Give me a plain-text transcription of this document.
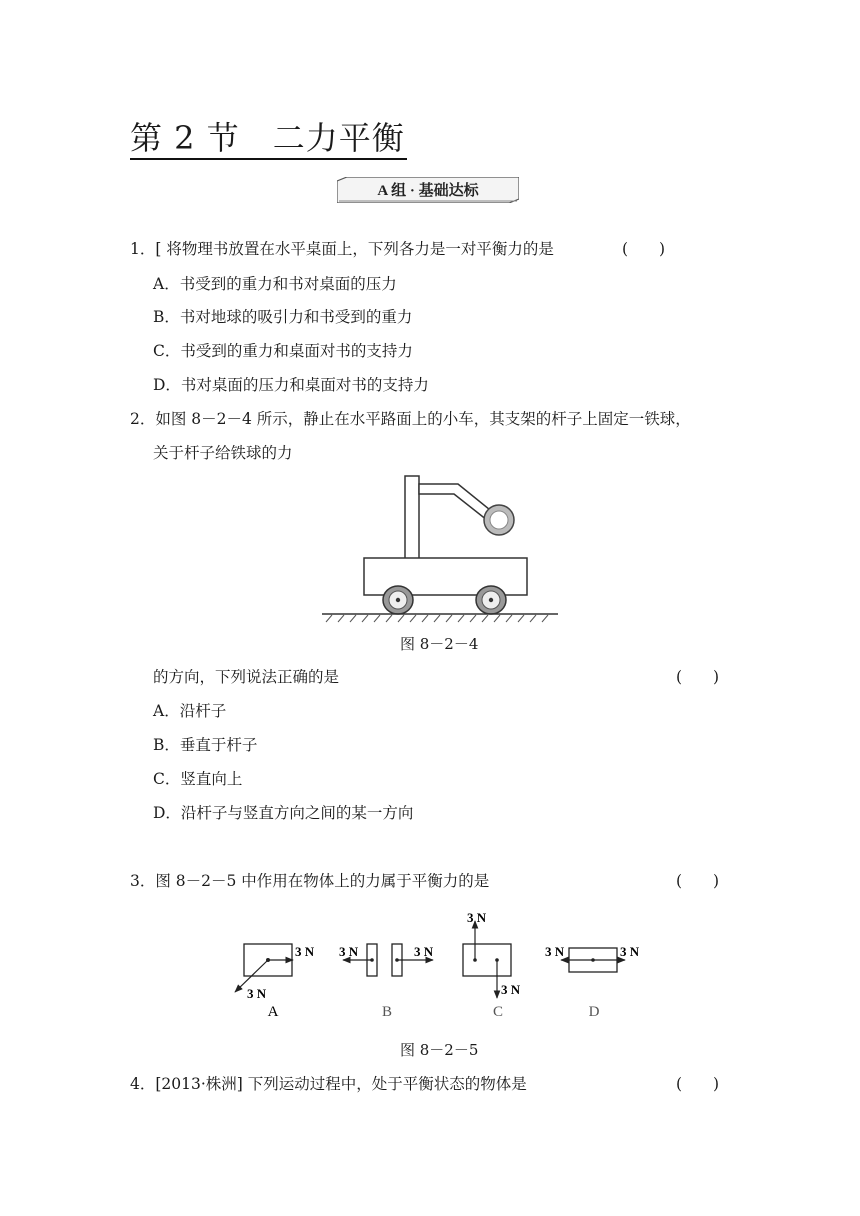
第 2 节　二力平衡
A 组 · 基础达标
1．[ 将物理书放置在水平桌面上，下列各力是一对平衡力的是	(　　)
A．书受到的重力和书对桌面的压力
B．书对地球的吸引力和书受到的重力
C．书受到的重力和桌面对书的支持力
D．书对桌面的压力和桌面对书的支持力
2．如图 8－2－4 所示，静止在水平路面上的小车，其支架的杆子上固定一铁球，
关于杆子给铁球的力
图 8－2－4
的方向，下列说法正确的是	(　　)
A．沿杆子
B．垂直于杆子
C．竖直向上
D．沿杆子与竖直方向之间的某一方向
3．图 8－2－5 中作用在物体上的力属于平衡力的是	(　　)
3 N
3 N
A
3 N	3 N
B
3 N
3 N
C
3 N	3 N
D
图 8－2－5
4．[2013·株洲] 下列运动过程中，处于平衡状态的物体是	(　　)
